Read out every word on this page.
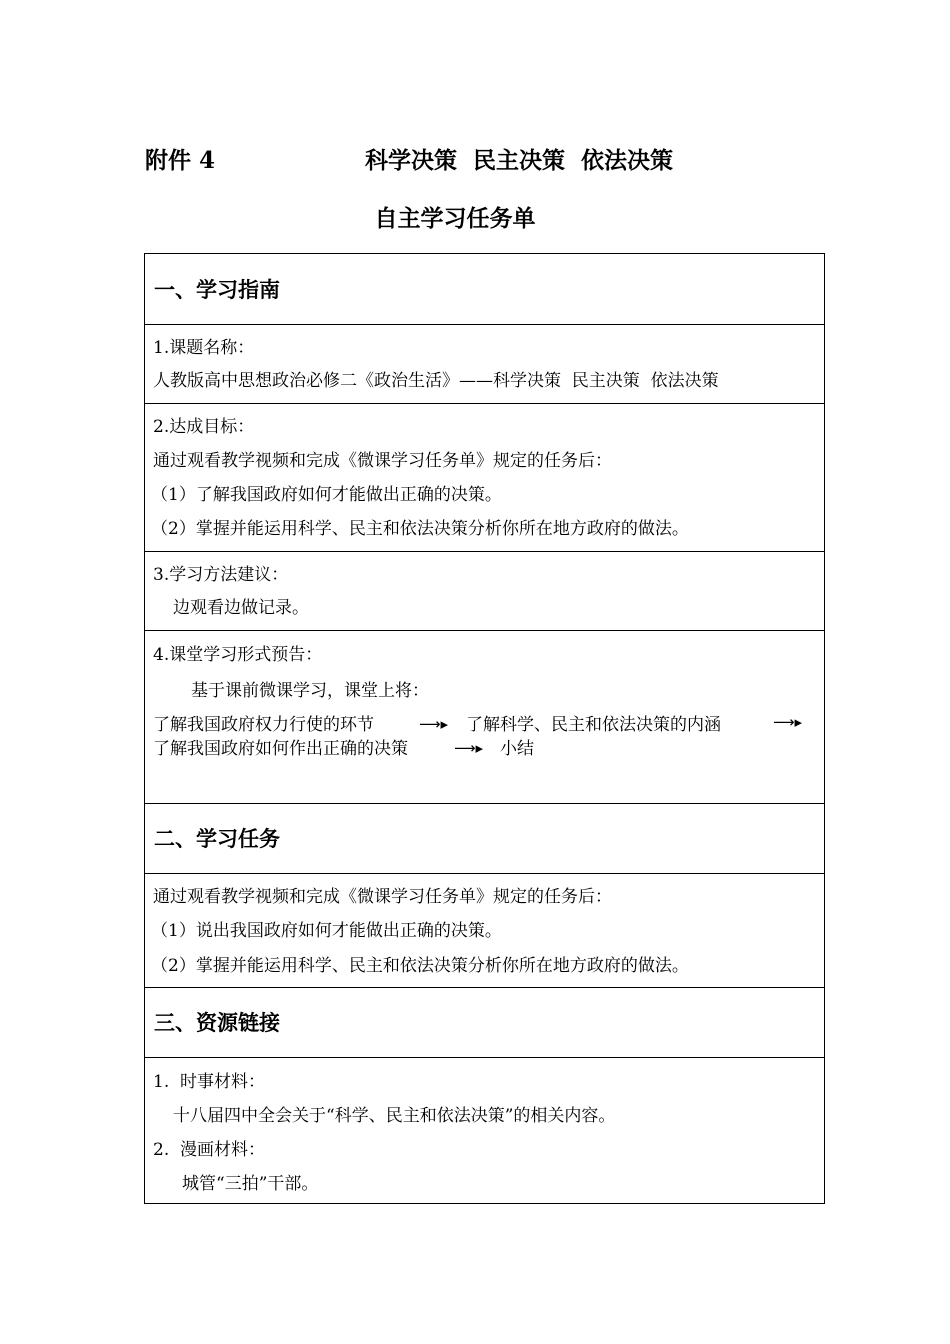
附件 4	科学决策  民主决策  依法决策
自主学习任务单
一、学习指南
1.课题名称：
人教版高中思想政治必修二《政治生活》——科学决策  民主决策  依法决策
2.达成目标：
通过观看教学视频和完成《微课学习任务单》规定的任务后：
（1）了解我国政府如何才能做出正确的决策。
（2）掌握并能运用科学、民主和依法决策分析你所在地方政府的做法。
3.学习方法建议：
边观看边做记录。
4.课堂学习形式预告：
基于课前微课学习，课堂上将：
了解我国政府权力行使的环节	⟶▸ 了解科学、民主和依法决策的内涵	⟶▸
了解我国政府如何作出正确的决策	⟶▸ 小结
二、学习任务
通过观看教学视频和完成《微课学习任务单》规定的任务后：
（1）说出我国政府如何才能做出正确的决策。
（2）掌握并能运用科学、民主和依法决策分析你所在地方政府的做法。
三、资源链接
1.  时事材料：
十八届四中全会关于“科学、民主和依法决策”的相关内容。
2.  漫画材料：
城管“三拍”干部。
